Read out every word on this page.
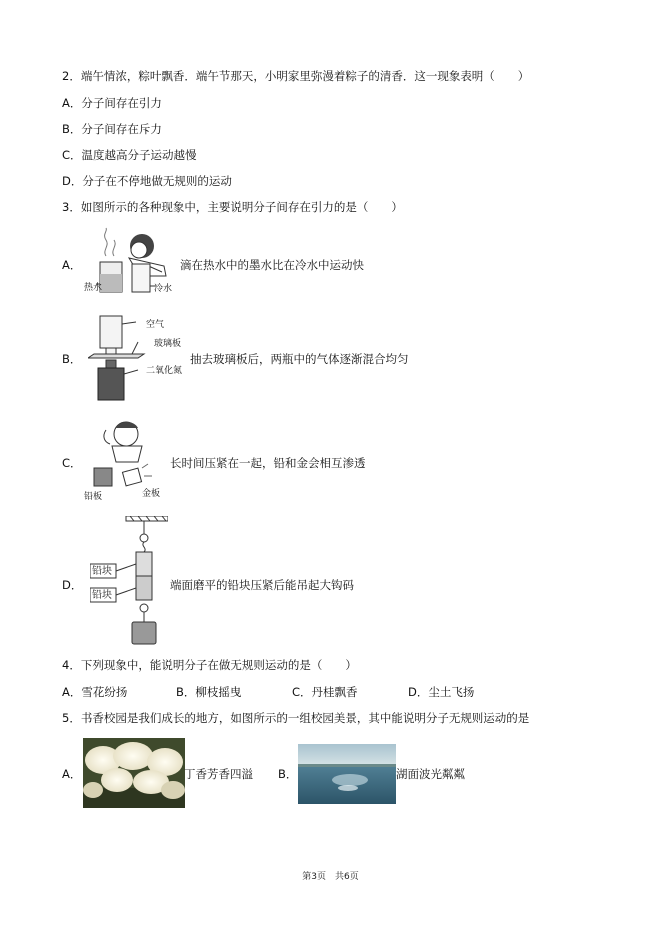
2．端午情浓，粽叶飘香．端午节那天，小明家里弥漫着粽子的清香．这一现象表明（　　）
A．分子间存在引力
B．分子间存在斥力
C．温度越高分子运动越慢
D．分子在不停地做无规则的运动
3．如图所示的各种现象中，主要说明分子间存在引力的是（　　）
A．
热水	冷水
滴在热水中的墨水比在冷水中运动快
B．
空气
玻璃板
二氧化氮
抽去玻璃板后，两瓶中的气体逐渐混合均匀
C．
铅板	金板
长时间压紧在一起，铅和金会相互渗透
D．
铅块
铅块
端面磨平的铅块压紧后能吊起大钩码
4．下列现象中，能说明分子在做无规则运动的是（　　）
A．雪花纷扬	B．柳枝摇曳	C．丹桂飘香	D．尘土飞扬
5．书香校园是我们成长的地方，如图所示的一组校园美景，其中能说明分子无规则运动的是
A．	丁香芳香四溢 B．	湖面波光粼粼
第3页　共6页
